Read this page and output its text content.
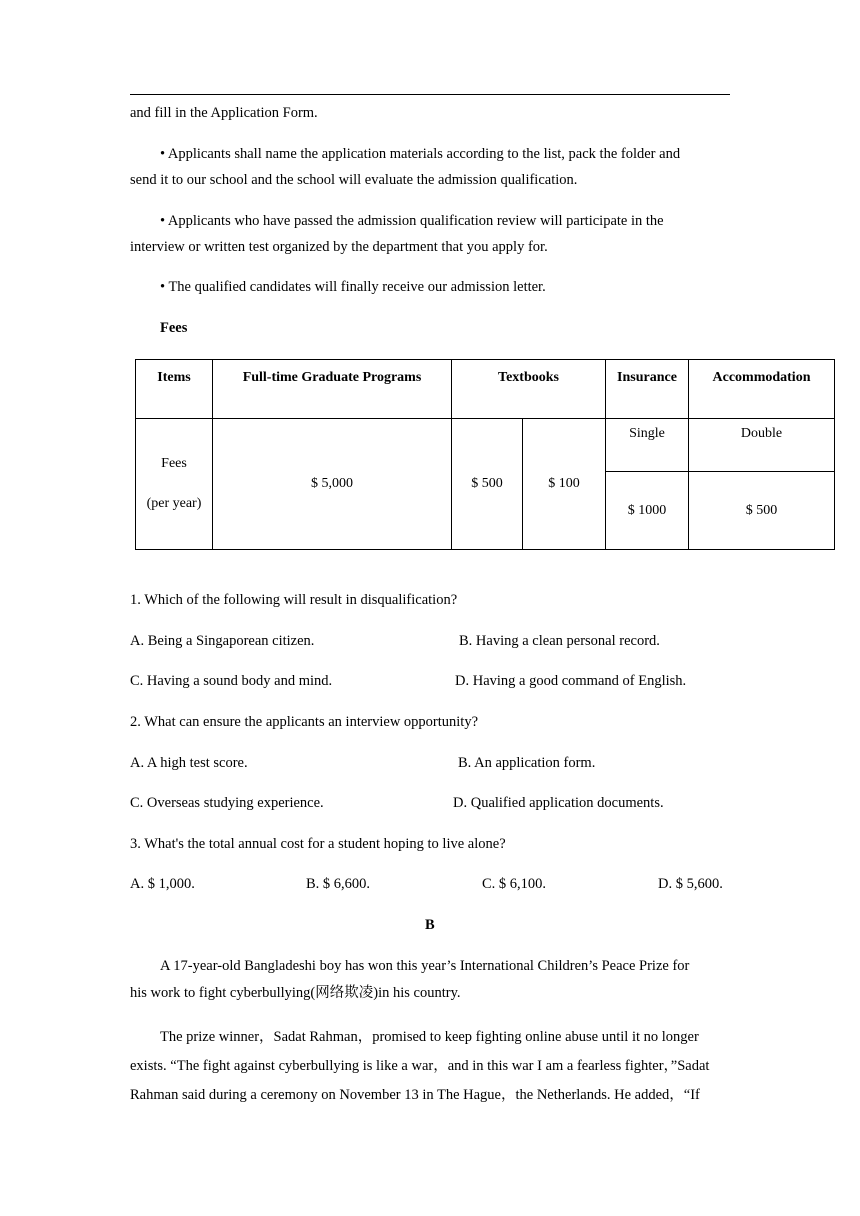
and fill in the Application Form.
• Applicants shall name the application materials according to the list, pack the folder and
send it to our school and the school will evaluate the admission qualification.
• Applicants who have passed the admission qualification review will participate in the
interview or written test organized by the department that you apply for.
• The qualified candidates will finally receive our admission letter.
Fees
Items	Full-time Graduate Programs	Textbooks		Insurance	Accommodation

Fees
(per year)	$ 5,000	$ 500	$ 100	Single	Double
				$ 1000	$ 500
1. Which of the following will result in disqualification?
A. Being a Singaporean citizen.	B. Having a clean personal record.
C. Having a sound body and mind.	D. Having a good command of English.
2. What can ensure the applicants an interview opportunity?
A. A high test score.	B. An application form.
C. Overseas studying experience.	D. Qualified application documents.
3. What's the total annual cost for a student hoping to live alone?
A. $ 1,000.	B. $ 6,600.	C. $ 6,100.	D. $ 5,600.
B
A 17-year-old Bangladeshi boy has won this year’s International Children’s Peace Prize for
his work to fight cyberbullying(网络欺凌)in his country.
The prize winner，Sadat Rahman，promised to keep fighting online abuse until it no longer
exists. “The fight against cyberbullying is like a war，and in this war I am a fearless fighter，”Sadat
Rahman said during a ceremony on November 13 in The Hague，the Netherlands. He added，“If
